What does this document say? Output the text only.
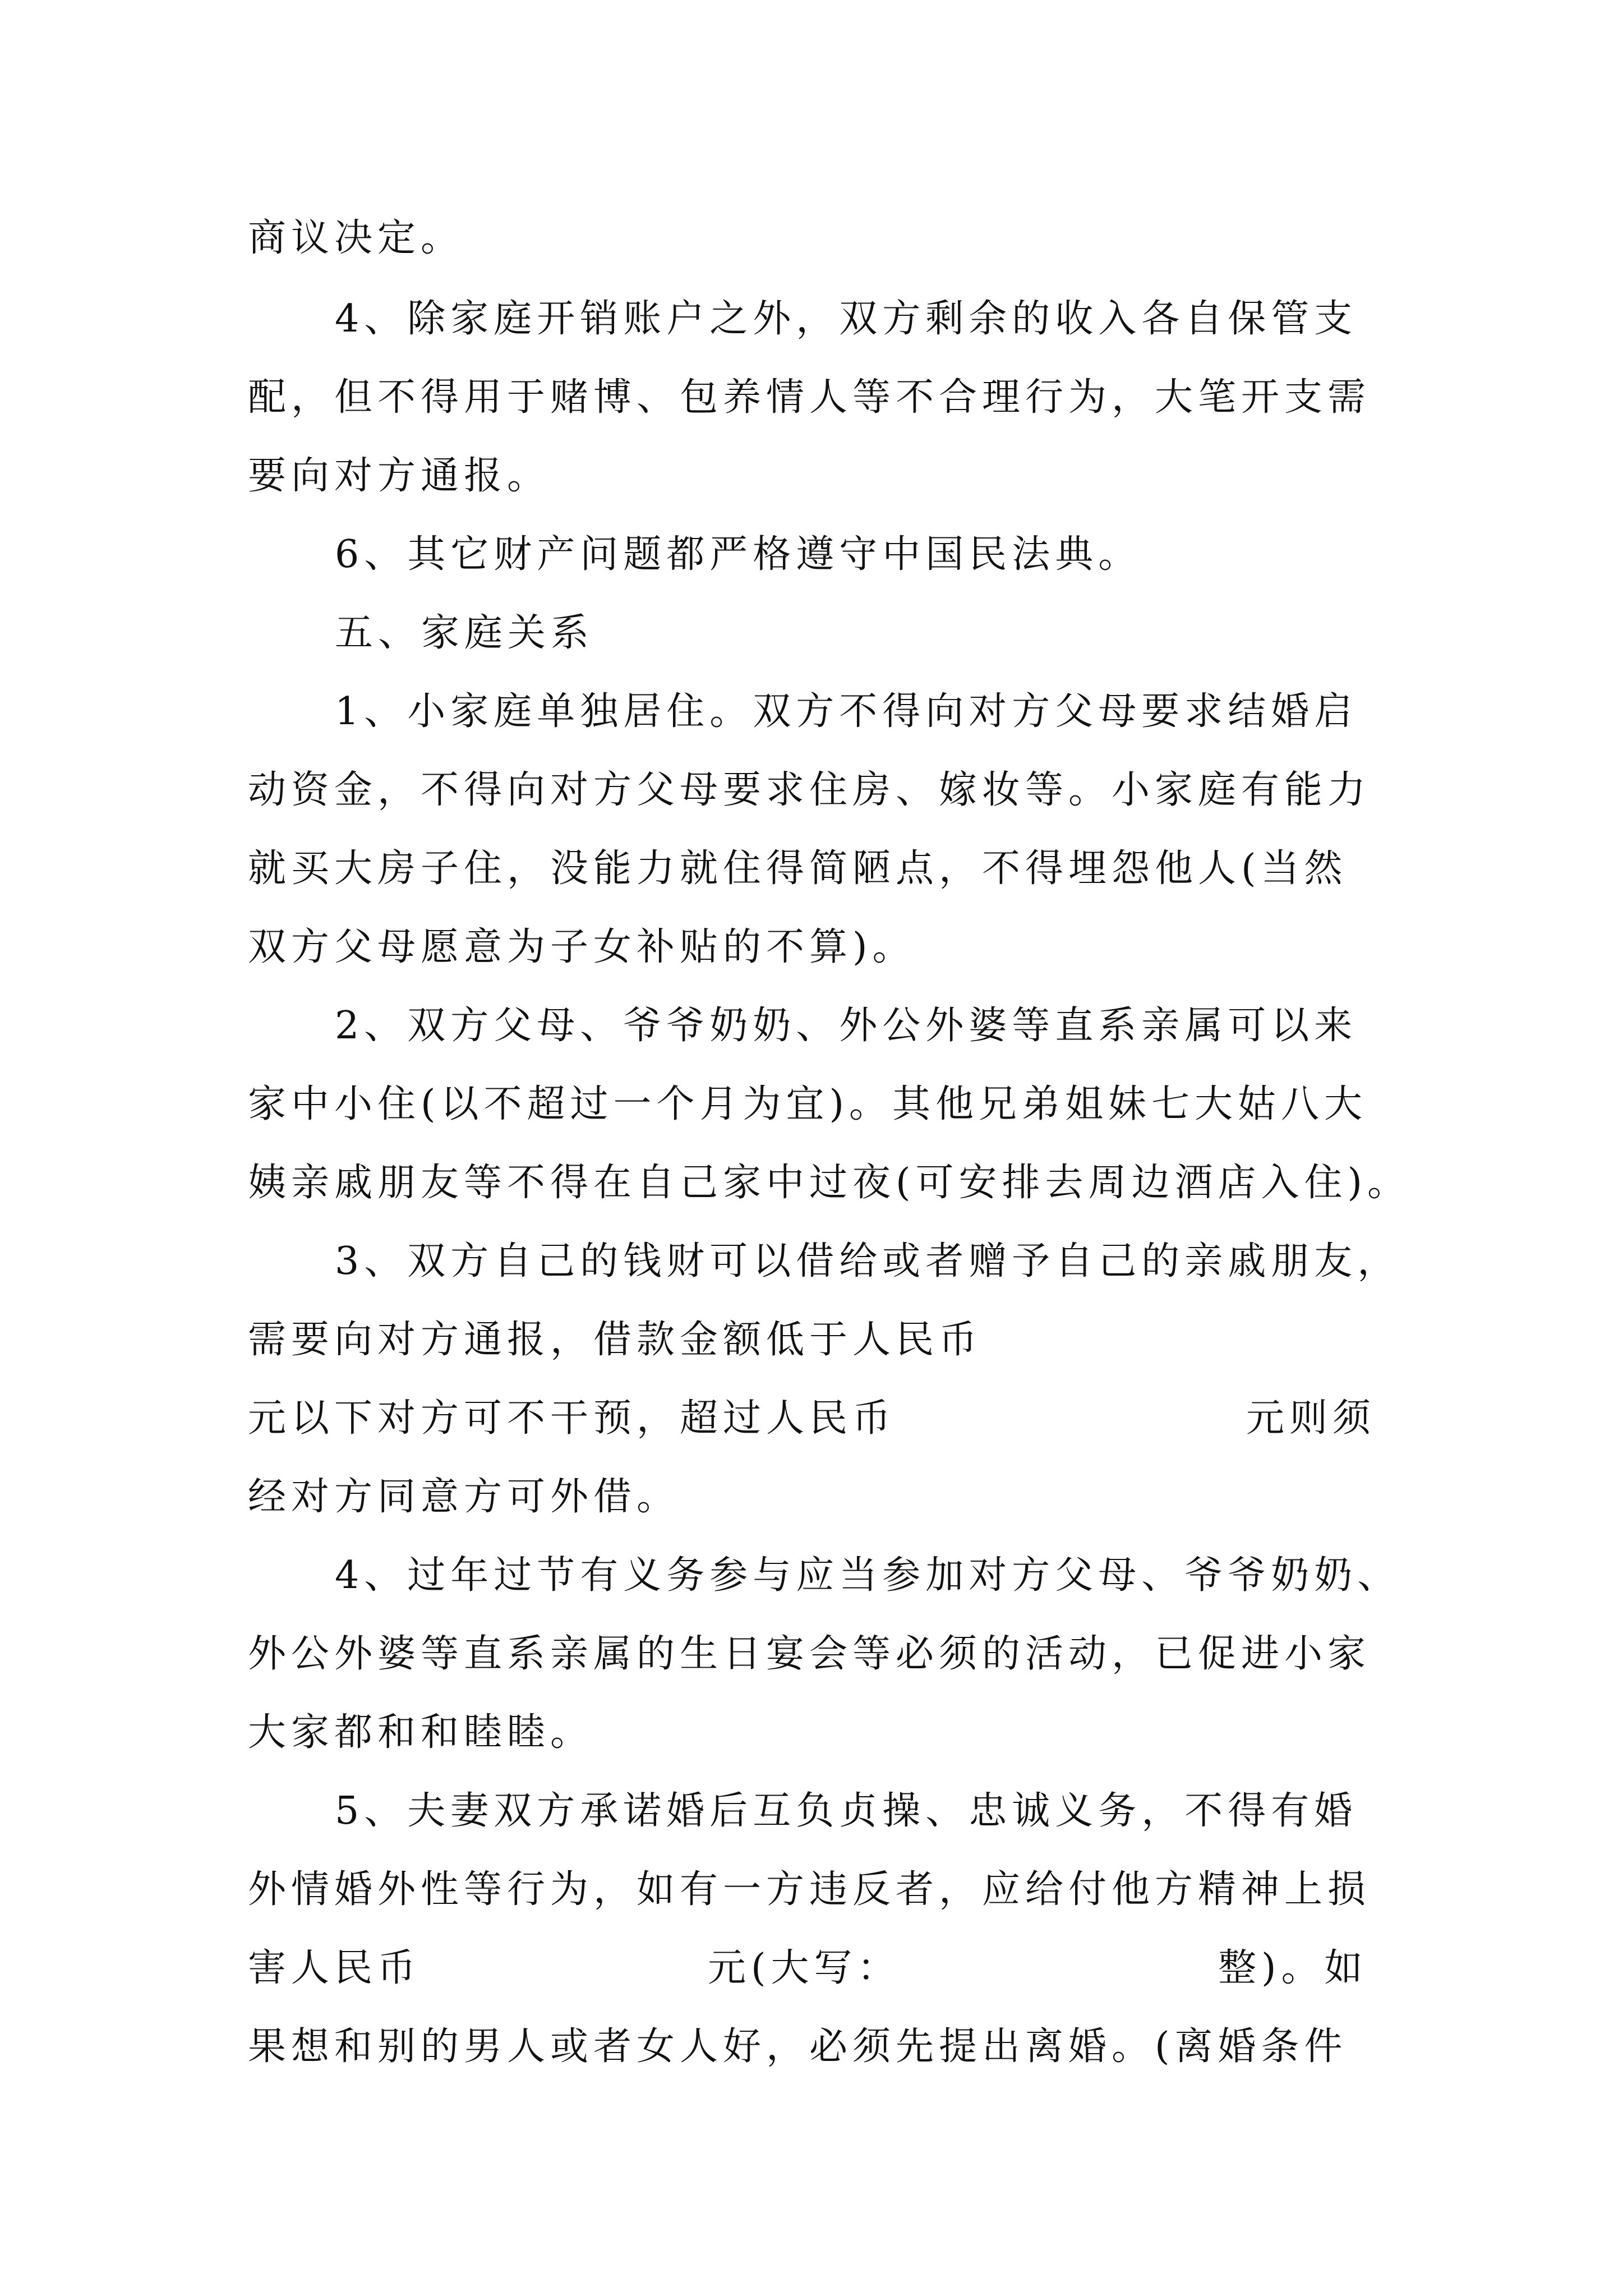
商议决定。
4、除家庭开销账户之外，双方剩余的收入各自保管支
配，但不得用于赌博、包养情人等不合理行为，大笔开支需
要向对方通报。
6、其它财产问题都严格遵守中国民法典。
五、家庭关系
1、小家庭单独居住。双方不得向对方父母要求结婚启
动资金，不得向对方父母要求住房、嫁妆等。小家庭有能力
就买大房子住，没能力就住得简陋点，不得埋怨他人(当然
双方父母愿意为子女补贴的不算)。
2、双方父母、爷爷奶奶、外公外婆等直系亲属可以来
家中小住(以不超过一个月为宜)。其他兄弟姐妹七大姑八大
姨亲戚朋友等不得在自己家中过夜(可安排去周边酒店入住)。
3、双方自己的钱财可以借给或者赠予自己的亲戚朋友，
需要向对方通报，借款金额低于人民币
元以下对方可不干预，超过人民币	元则须
经对方同意方可外借。
4、过年过节有义务参与应当参加对方父母、爷爷奶奶、
外公外婆等直系亲属的生日宴会等必须的活动，已促进小家
大家都和和睦睦。
5、夫妻双方承诺婚后互负贞操、忠诚义务，不得有婚
外情婚外性等行为，如有一方违反者，应给付他方精神上损
害人民币	元(大写：	整)。如
果想和别的男人或者女人好，必须先提出离婚。(离婚条件
